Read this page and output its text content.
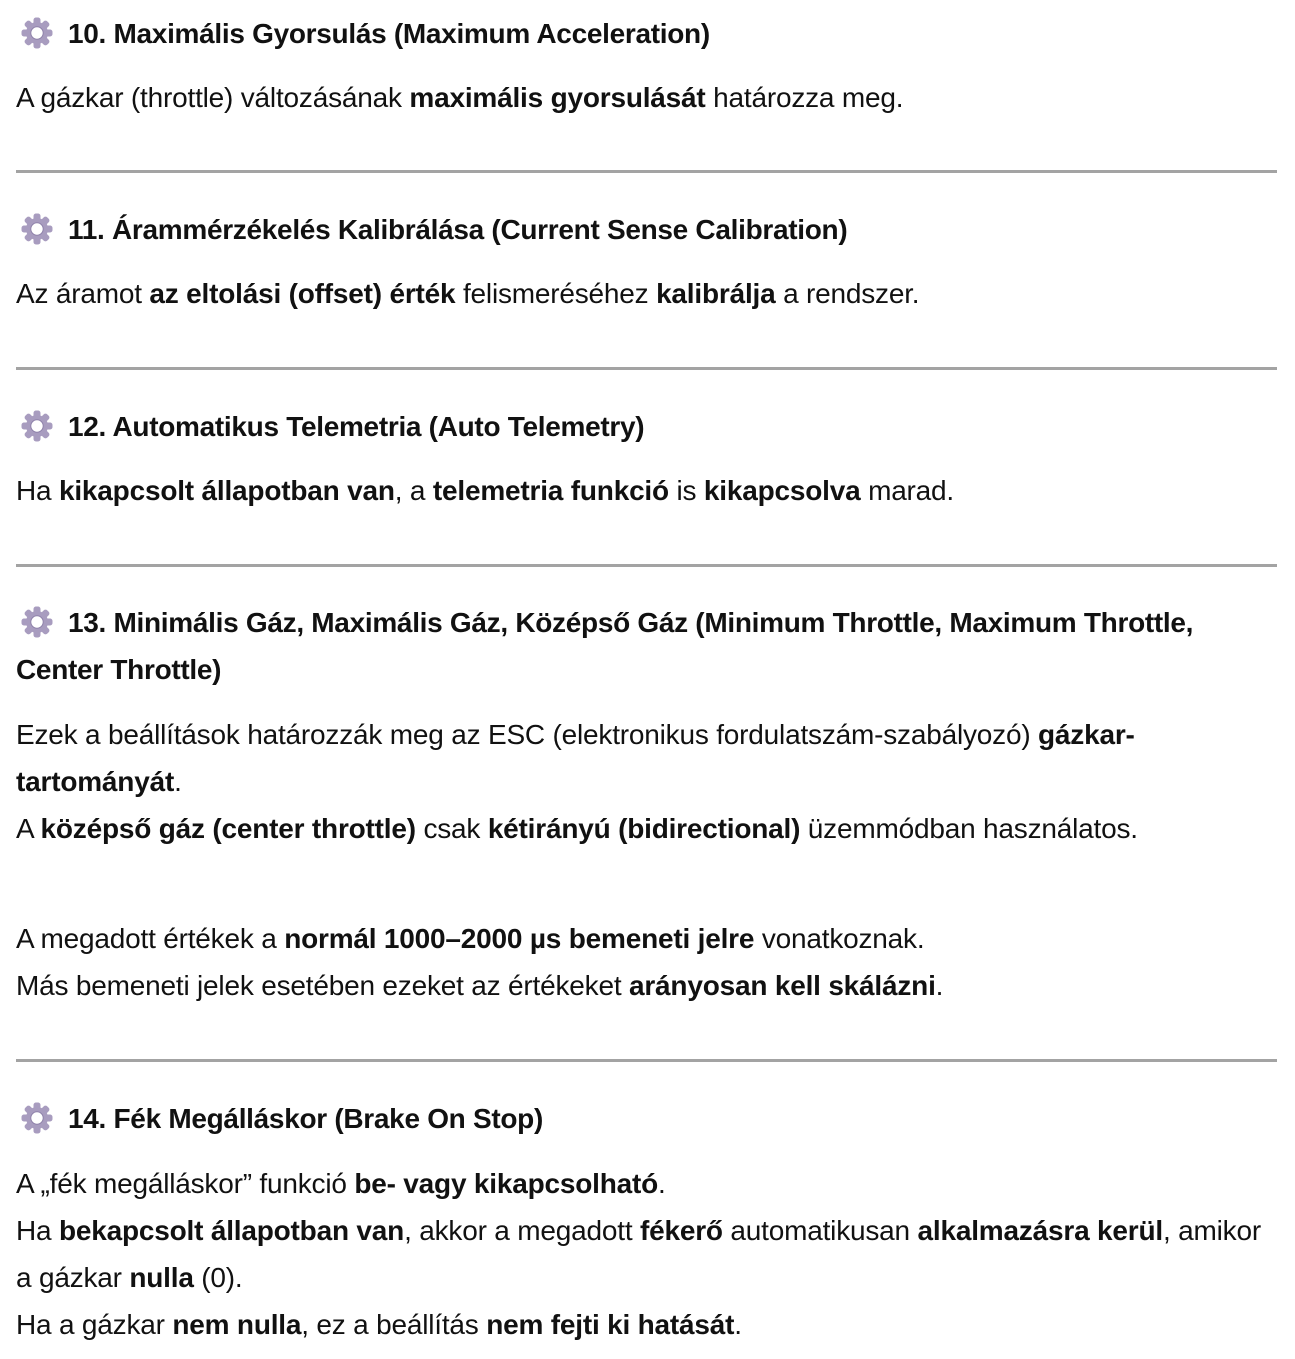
10. Maximális Gyorsulás (Maximum Acceleration)
A gázkar (throttle) változásának maximális gyorsulását határozza meg.
11. Árammérzékelés Kalibrálása (Current Sense Calibration)
Az áramot az eltolási (offset) érték felismeréséhez kalibrálja a rendszer.
12. Automatikus Telemetria (Auto Telemetry)
Ha kikapcsolt állapotban van, a telemetria funkció is kikapcsolva marad.
13. Minimális Gáz, Maximális Gáz, Középső Gáz (Minimum Throttle, Maximum Throttle, Center Throttle)
Ezek a beállítások határozzák meg az ESC (elektronikus fordulatszám-szabályozó) gázkar-tartományát.
A középső gáz (center throttle) csak kétirányú (bidirectional) üzemmódban használatos.
A megadott értékek a normál 1000–2000 µs bemeneti jelre vonatkoznak.
Más bemeneti jelek esetében ezeket az értékeket arányosan kell skálázni.
14. Fék Megálláskor (Brake On Stop)
A „fék megálláskor” funkció be- vagy kikapcsolható.
Ha bekapcsolt állapotban van, akkor a megadott fékerő automatikusan alkalmazásra kerül, amikor a gázkar nulla (0).
Ha a gázkar nem nulla, ez a beállítás nem fejti ki hatását.
